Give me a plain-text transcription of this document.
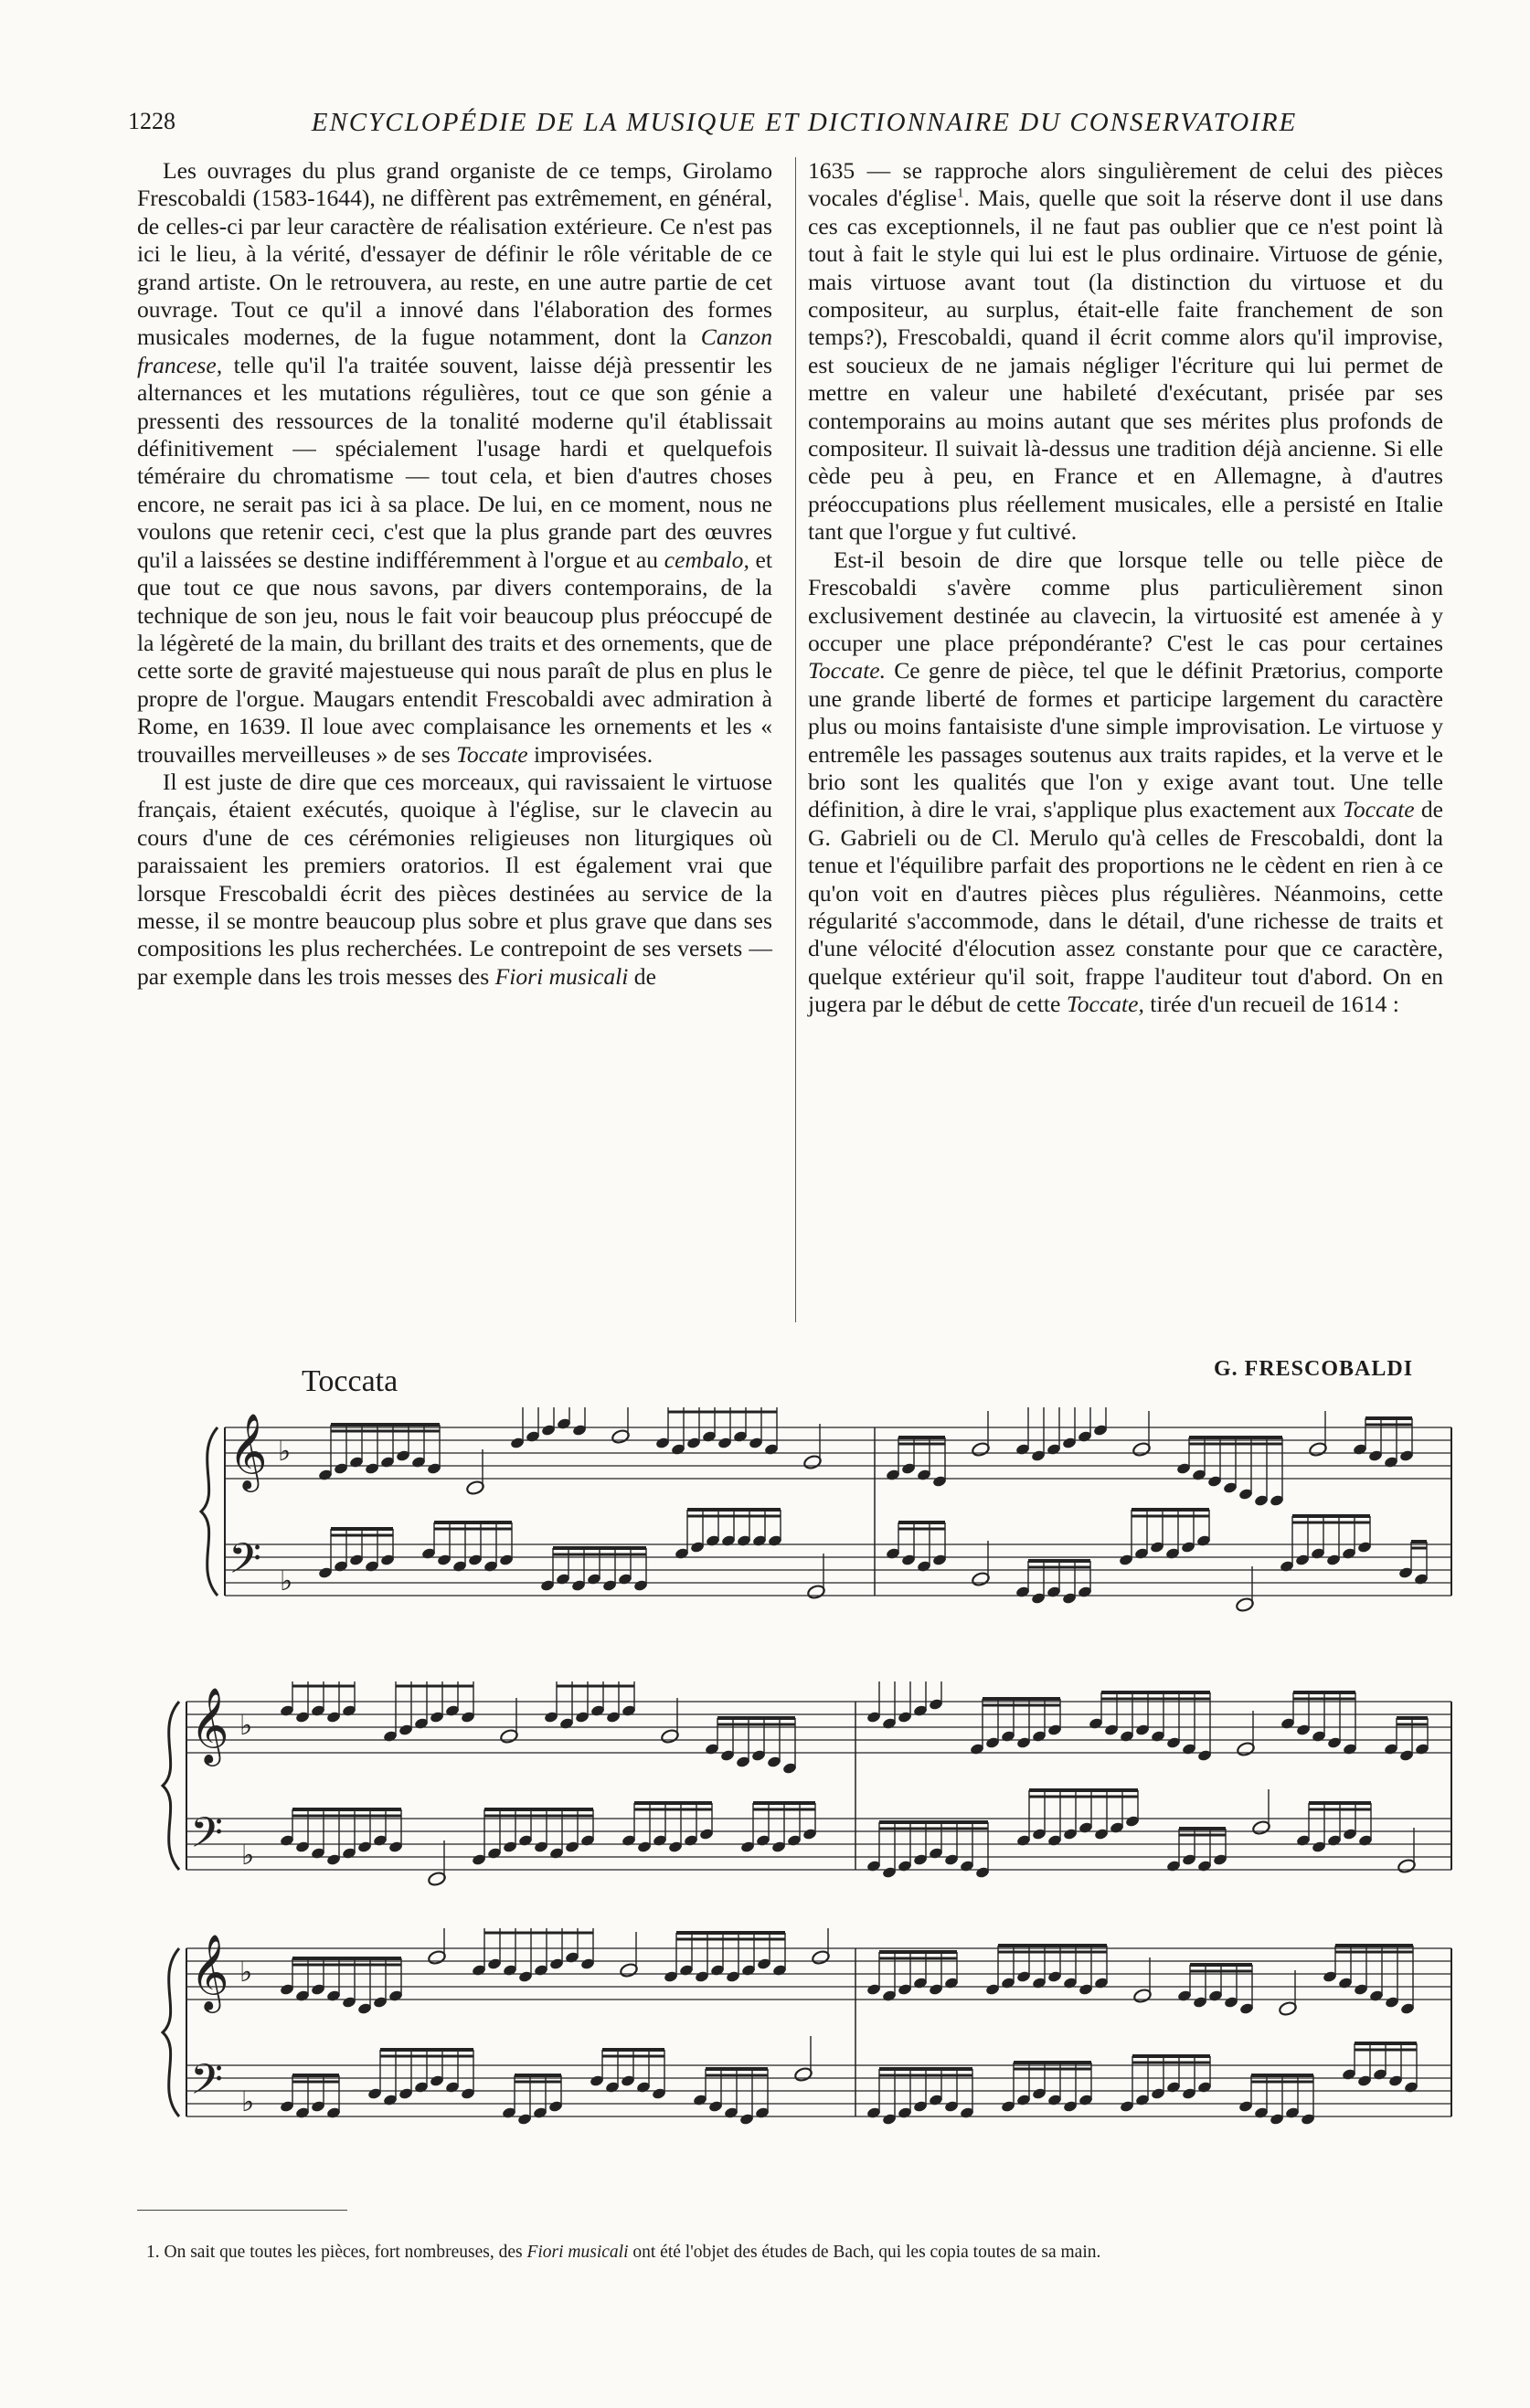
1228	ENCYCLOPÉDIE DE LA MUSIQUE ET DICTIONNAIRE DU CONSERVATOIRE

Les ouvrages du plus grand organiste de ce temps, Girolamo Frescobaldi (1583-1644), ne diffèrent pas extrêmement, en général, de celles-ci par leur caractère de réalisation extérieure. Ce n'est pas ici le lieu, à la vérité, d'essayer de définir le rôle véritable de ce grand artiste. On le retrouvera, au reste, en une autre partie de cet ouvrage. Tout ce qu'il a innové dans l'élaboration des formes musicales modernes, de la fugue notamment, dont la Canzon francese, telle qu'il l'a traitée souvent, laisse déjà pressentir les alternances et les mutations régulières, tout ce que son génie a pressenti des ressources de la tonalité moderne qu'il établissait définitivement — spécialement l'usage hardi et quelquefois téméraire du chromatisme — tout cela, et bien d'autres choses encore, ne serait pas ici à sa place. De lui, en ce moment, nous ne voulons que retenir ceci, c'est que la plus grande part des œuvres qu'il a laissées se destine indifféremment à l'orgue et au cembalo, et que tout ce que nous savons, par divers contemporains, de la technique de son jeu, nous le fait voir beaucoup plus préoccupé de la légèreté de la main, du brillant des traits et des ornements, que de cette sorte de gravité majestueuse qui nous paraît de plus en plus le propre de l'orgue. Maugars entendit Frescobaldi avec admiration à Rome, en 1639. Il loue avec complaisance les ornements et les « trouvailles merveilleuses » de ses Toccate improvisées.

Il est juste de dire que ces morceaux, qui ravissaient le virtuose français, étaient exécutés, quoique à l'église, sur le clavecin au cours d'une de ces cérémonies religieuses non liturgiques où paraissaient les premiers oratorios. Il est également vrai que lorsque Frescobaldi écrit des pièces destinées au service de la messe, il se montre beaucoup plus sobre et plus grave que dans ses compositions les plus recherchées. Le contrepoint de ses versets — par exemple dans les trois messes des Fiori musicali de

1635 — se rapproche alors singulièrement de celui des pièces vocales d'église$^1$. Mais, quelle que soit la réserve dont il use dans ces cas exceptionnels, il ne faut pas oublier que ce n'est point là tout à fait le style qui lui est le plus ordinaire. Virtuose de génie, mais virtuose avant tout (la distinction du virtuose et du compositeur, au surplus, était-elle faite franchement de son temps?), Frescobaldi, quand il écrit comme alors qu'il improvise, est soucieux de ne jamais négliger l'écriture qui lui permet de mettre en valeur une habileté d'exécutant, prisée par ses contemporains au moins autant que ses mérites plus profonds de compositeur. Il suivait là-dessus une tradition déjà ancienne. Si elle cède peu à peu, en France et en Allemagne, à d'autres préoccupations plus réellement musicales, elle a persisté en Italie tant que l'orgue y fut cultivé.

Est-il besoin de dire que lorsque telle ou telle pièce de Frescobaldi s'avère comme plus particulièrement sinon exclusivement destinée au clavecin, la virtuosité est amenée à y occuper une place prépondérante? C'est le cas pour certaines Toccate. Ce genre de pièce, tel que le définit Prætorius, comporte une grande liberté de formes et participe largement du caractère plus ou moins fantaisiste d'une simple improvisation. Le virtuose y entremêle les passages soutenus aux traits rapides, et la verve et le brio sont les qualités que l'on y exige avant tout. Une telle définition, à dire le vrai, s'applique plus exactement aux Toccate de G. Gabrieli ou de Cl. Merulo qu'à celles de Frescobaldi, dont la tenue et l'équilibre parfait des proportions ne le cèdent en rien à ce qu'on voit en d'autres pièces plus régulières. Néanmoins, cette régularité s'accommode, dans le détail, d'une richesse de traits et d'une vélocité d'élocution assez constante pour que ce caractère, quelque extérieur qu'il soit, frappe l'auditeur tout d'abord. On en jugera par le début de cette Toccate, tirée d'un recueil de 1614 :

Toccata	G. FRESCOBALDI
𝄞
𝄢
♭
♭
𝄞
𝄢
♭
♭
𝄞
𝄢
♭
♭
1. On sait que toutes les pièces, fort nombreuses, des Fiori musicali ont été l'objet des études de Bach, qui les copia toutes de sa main.
